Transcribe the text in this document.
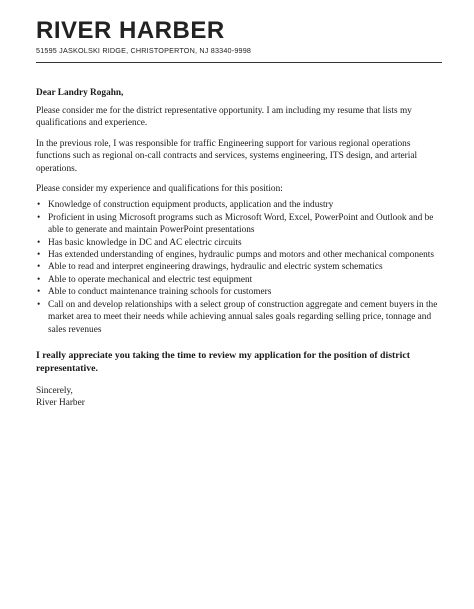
RIVER HARBER
51595 JASKOLSKI RIDGE, CHRISTOPERTON, NJ 83340-9998
Dear Landry Rogahn,

Please consider me for the district representative opportunity. I am including my resume that lists my qualifications and experience.

In the previous role, I was responsible for traffic Engineering support for various regional operations functions such as regional on-call contracts and services, systems engineering, ITS design, and arterial operations.

Please consider my experience and qualifications for this position:

• Knowledge of construction equipment products, application and the industry
• Proficient in using Microsoft programs such as Microsoft Word, Excel, PowerPoint and Outlook and be able to generate and maintain PowerPoint presentations
• Has basic knowledge in DC and AC electric circuits
• Has extended understanding of engines, hydraulic pumps and motors and other mechanical components
• Able to read and interpret engineering drawings, hydraulic and electric system schematics
• Able to operate mechanical and electric test equipment
• Able to conduct maintenance training schools for customers
• Call on and develop relationships with a select group of construction aggregate and cement buyers in the market area to meet their needs while achieving annual sales goals regarding selling price, tonnage and sales revenues

I really appreciate you taking the time to review my application for the position of district representative.

Sincerely,

River Harber
